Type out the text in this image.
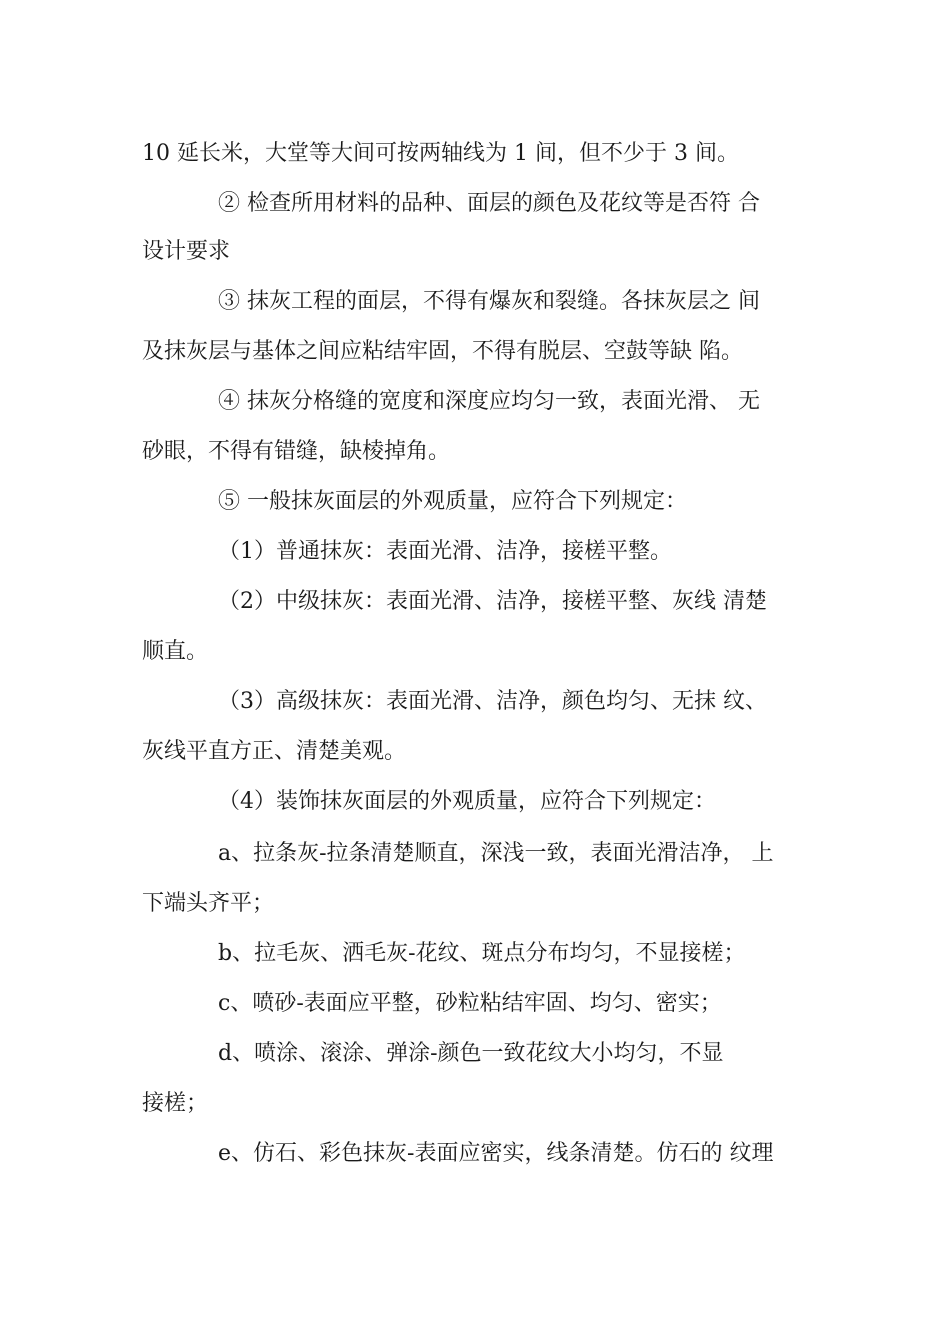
10 延长米，大堂等大间可按两轴线为 1 间，但不少于 3 间。

② 检查所用材料的品种、面层的颜色及花纹等是否符 合

设计要求

③ 抹灰工程的面层，不得有爆灰和裂缝。各抹灰层之 间

及抹灰层与基体之间应粘结牢固，不得有脱层、空鼓等缺 陷。

④ 抹灰分格缝的宽度和深度应均匀一致，表面光滑、 无

砂眼，不得有错缝，缺棱掉角。

⑤ 一般抹灰面层的外观质量，应符合下列规定：

（1）普通抹灰：表面光滑、洁净，接槎平整。

（2）中级抹灰：表面光滑、洁净，接槎平整、灰线 清楚

顺直。

（3）高级抹灰：表面光滑、洁净，颜色均匀、无抹 纹、

灰线平直方正、清楚美观。

（4）装饰抹灰面层的外观质量，应符合下列规定：

a、拉条灰-拉条清楚顺直，深浅一致，表面光滑洁净， 上

下端头齐平；

b、拉毛灰、洒毛灰-花纹、斑点分布均匀，不显接槎；

c、喷砂-表面应平整，砂粒粘结牢固、均匀、密实；

d、喷涂、滚涂、弹涂-颜色一致花纹大小均匀，不显

接槎；

e、仿石、彩色抹灰-表面应密实，线条清楚。仿石的 纹理
